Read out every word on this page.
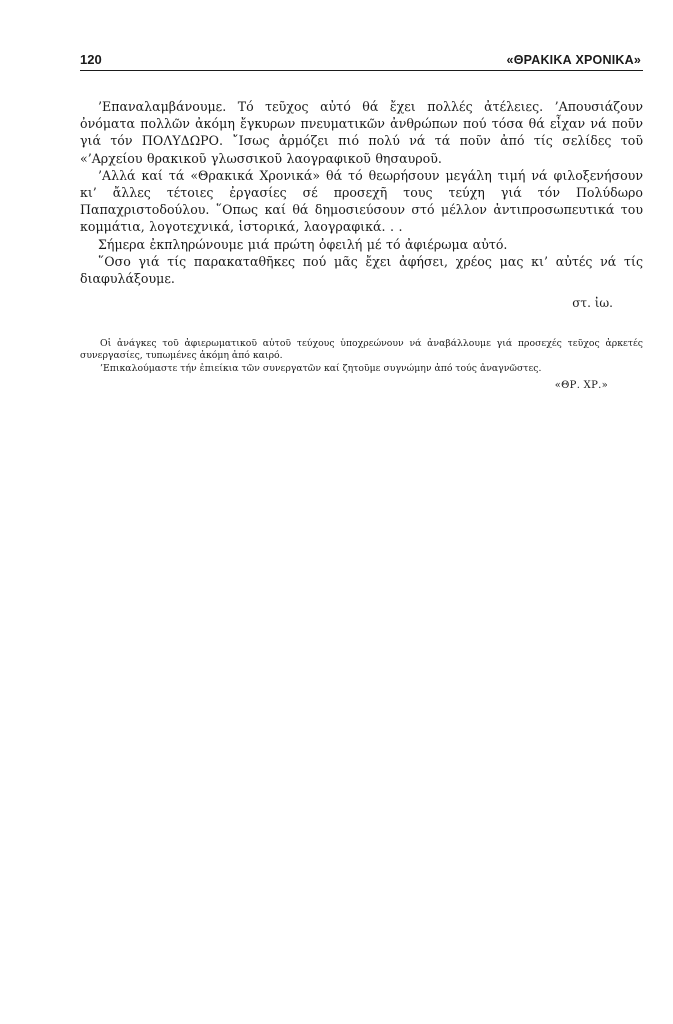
120	«ΘΡΑΚΙΚΑ ΧΡΟΝΙΚΑ»

’Επαναλαμβάνουμε. Τό τεῦχος αὐτό θά ἔχει πολλές ἀτέλειες. ’Απουσιάζουν ὀνόματα πολλῶν ἀκόμη ἔγκυρων πνευματικῶν ἀνθρώπων πού τόσα θά εἶχαν νά ποῦν γιά τόν ΠΟΛΥΔΩΡΟ. ῎Ισως ἀρμόζει πιό πολύ νά τά ποῦν ἀπό τίς σελίδες τοῦ «’Αρχείου θρακικοῦ γλωσσικοῦ λαογραφικοῦ θησαυροῦ.

’Αλλά καί τά «Θρακικά Χρονικά» θά τό θεωρήσουν μεγάλη τιμή νά φιλοξενήσουν κι’ ἄλλες τέτοιες ἐργασίες σέ προσεχῆ τους τεύχη γιά τόν Πολύδωρο Παπαχριστοδούλου. ῞Οπως καί θά δημοσιεύσουν στό μέλλον ἀντιπροσωπευτικά του κομμάτια, λογοτεχνικά, ἱστορικά, λαογραφικά. . .

Σήμερα ἐκπληρώνουμε μιά πρώτη ὀφειλή μέ τό ἀφιέρωμα αὐτό.

῞Οσο γιά τίς παρακαταθῆκες πού μᾶς ἔχει ἀφήσει, χρέος μας κι’ αὐτές νά τίς διαφυλάξουμε.

στ. ἰω.

Οἱ ἀνάγκες τοῦ ἀφιερωματικοῦ αὐτοῦ τεύχους ὑποχρεώνουν νά ἀναβάλλουμε γιά προσεχές τεῦχος ἀρκετές συνεργασίες, τυπωμένες ἀκόμη ἀπό καιρό.

’Επικαλούμαστε τήν ἐπιείκια τῶν συνεργατῶν καί ζητοῦμε συγνώμην ἀπό τούς ἀναγνῶστες.

«ΘΡ. ΧΡ.»
